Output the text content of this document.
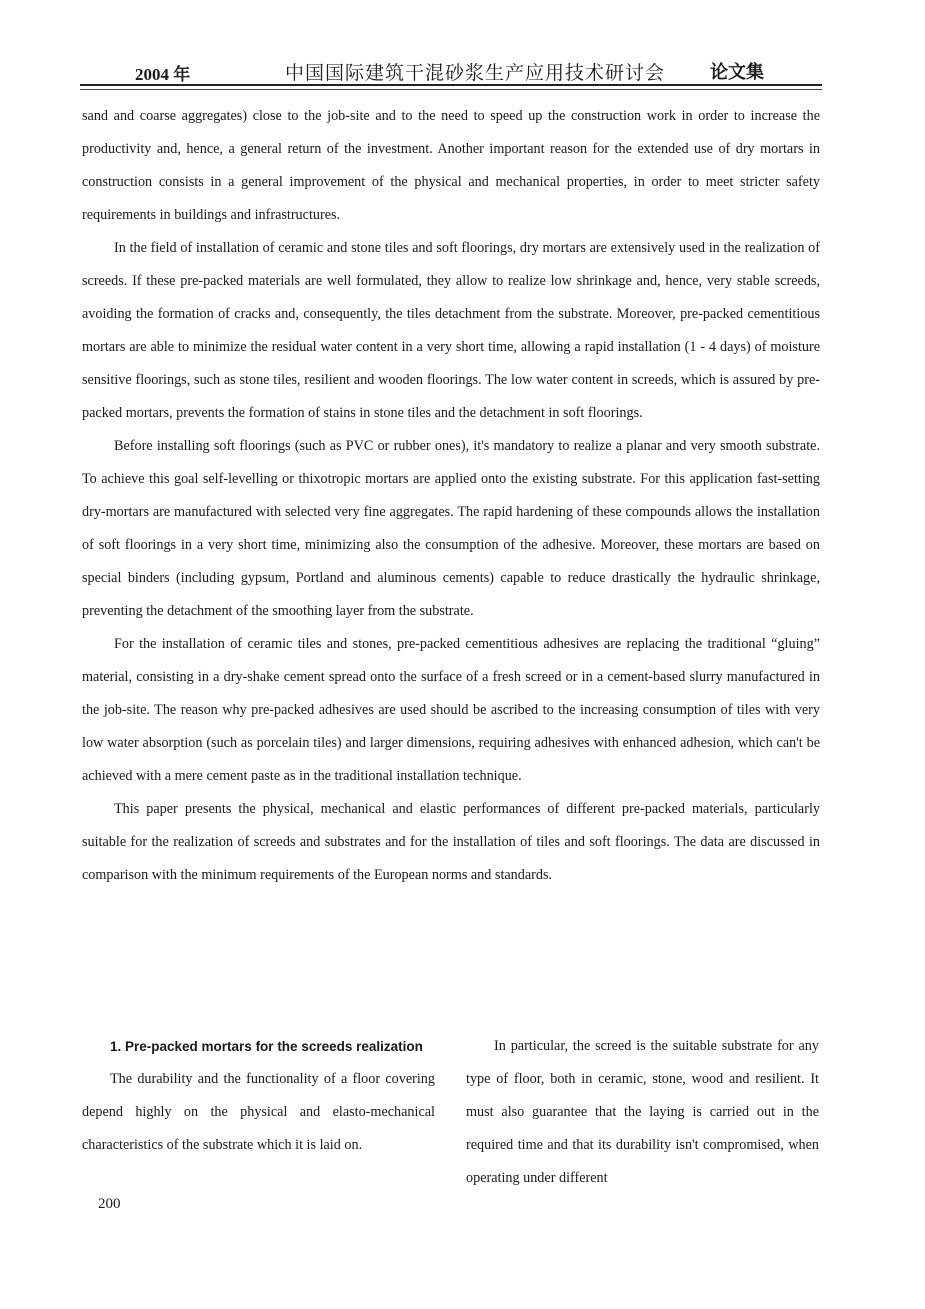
2004 年	中国国际建筑干混砂浆生产应用技术研讨会 论文集

sand and coarse aggregates) close to the job-site and to the need to speed up the construction work in order to increase the productivity and, hence, a general return of the investment. Another important reason for the extended use of dry mortars in construction consists in a general improvement of the physical and mechanical properties, in order to meet stricter safety requirements in buildings and infrastructures.

In the field of installation of ceramic and stone tiles and soft floorings, dry mortars are extensively used in the realization of screeds. If these pre-packed materials are well formulated, they allow to realize low shrinkage and, hence, very stable screeds, avoiding the formation of cracks and, consequently, the tiles detachment from the substrate. Moreover, pre-packed cementitious mortars are able to minimize the residual water content in a very short time, allowing a rapid installation (1 - 4 days) of moisture sensitive floorings, such as stone tiles, resilient and wooden floorings. The low water content in screeds, which is assured by pre-packed mortars, prevents the formation of stains in stone tiles and the detachment in soft floorings.

Before installing soft floorings (such as PVC or rubber ones), it's mandatory to realize a planar and very smooth substrate. To achieve this goal self-levelling or thixotropic mortars are applied onto the existing substrate. For this application fast-setting dry-mortars are manufactured with selected very fine aggregates. The rapid hardening of these compounds allows the installation of soft floorings in a very short time, minimizing also the consumption of the adhesive. Moreover, these mortars are based on special binders (including gypsum, Portland and aluminous cements) capable to reduce drastically the hydraulic shrinkage, preventing the detachment of the smoothing layer from the substrate.

For the installation of ceramic tiles and stones, pre-packed cementitious adhesives are replacing the traditional “gluing” material, consisting in a dry-shake cement spread onto the surface of a fresh screed or in a cement-based slurry manufactured in the job-site. The reason why pre-packed adhesives are used should be ascribed to the increasing consumption of tiles with very low water absorption (such as porcelain tiles) and larger dimensions, requiring adhesives with enhanced adhesion, which can't be achieved with a mere cement paste as in the traditional installation technique.

This paper presents the physical, mechanical and elastic performances of different pre-packed materials, particularly suitable for the realization of screeds and substrates and for the installation of tiles and soft floorings. The data are discussed in comparison with the minimum requirements of the European norms and standards.

1. Pre-packed mortars for the screeds realization

The durability and the functionality of a floor covering depend highly on the physical and elasto-mechanical characteristics of the substrate which it is laid on.

In particular, the screed is the suitable substrate for any type of floor, both in ceramic, stone, wood and resilient. It must also guarantee that the laying is carried out in the required time and that its durability isn't compromised, when operating under different

200
